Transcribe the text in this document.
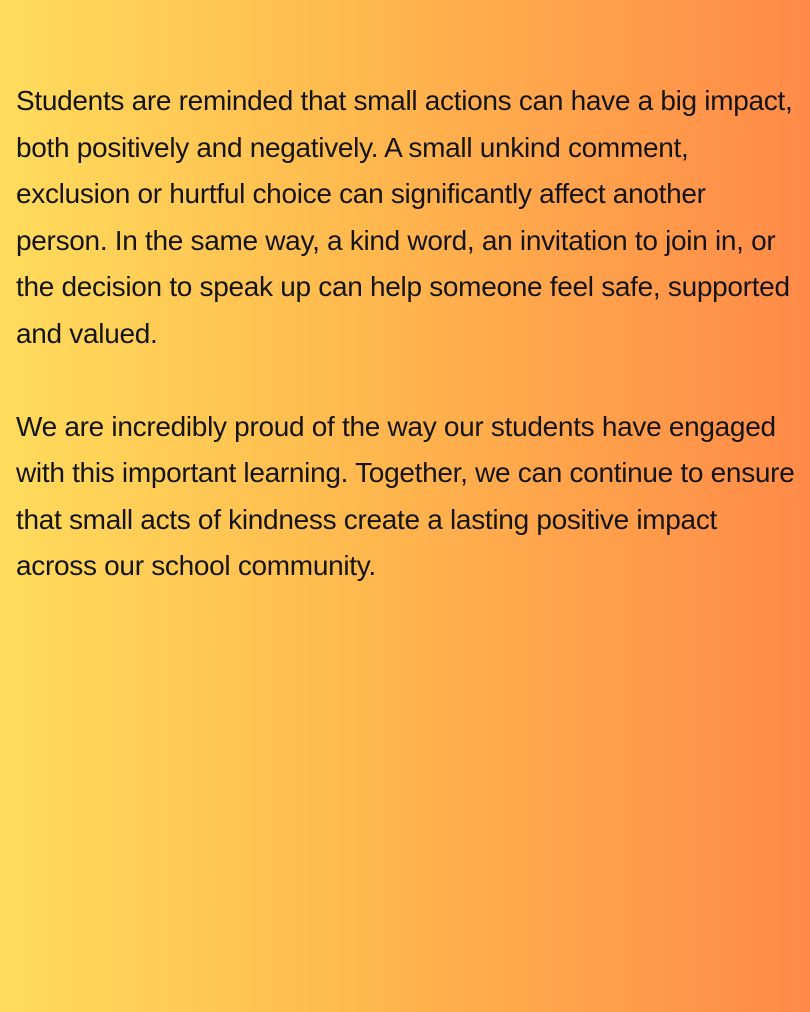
Students are reminded that small actions can have a big impact, both positively and negatively. A small unkind comment, exclusion or hurtful choice can significantly affect another person. In the same way, a kind word, an invitation to join in, or the decision to speak up can help someone feel safe, supported and valued.

We are incredibly proud of the way our students have engaged with this important learning. Together, we can continue to ensure that small acts of kindness create a lasting positive impact across our school community.
